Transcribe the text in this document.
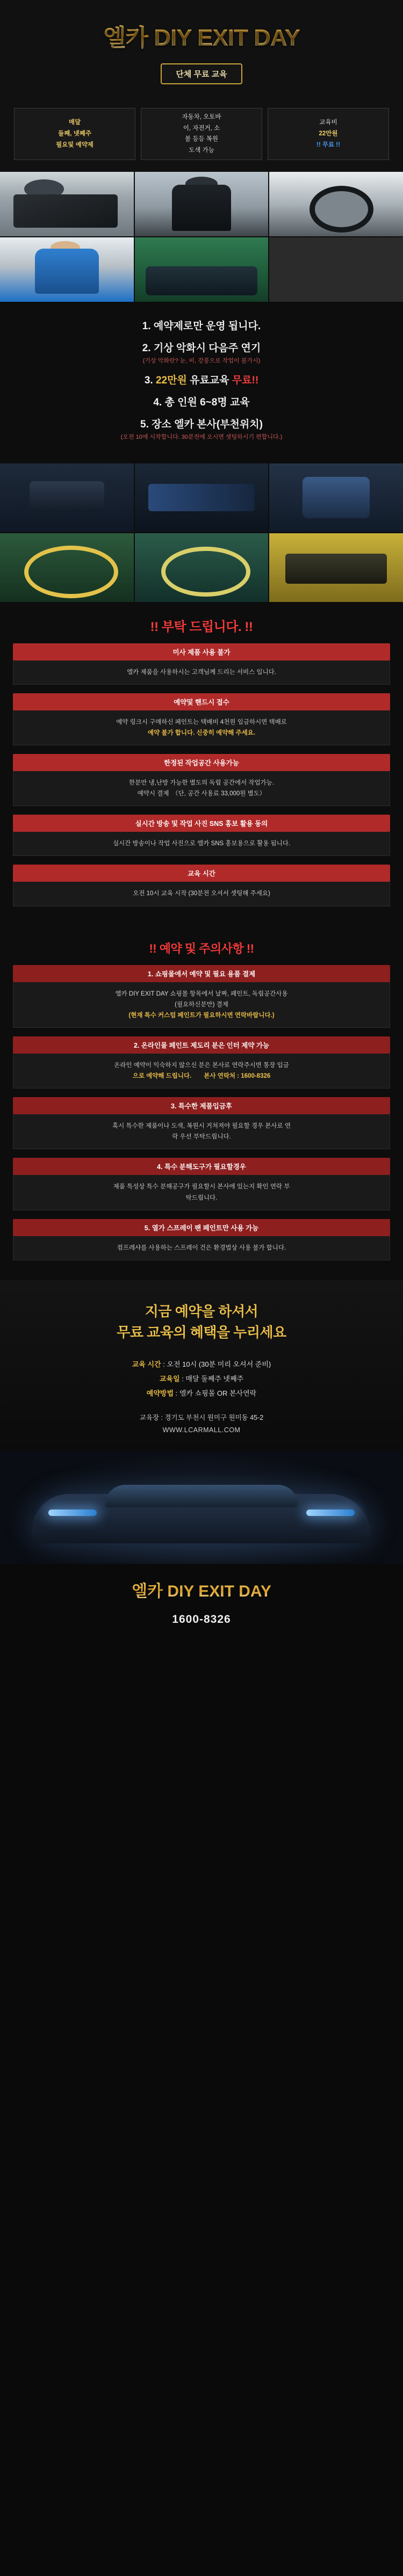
엘카 DIY EXIT DAY
단체 무료 교육
매달
둘째, 넷째주
필요및 예약제
자동차, 오토바
이, 자전거, 소
불 등등 복원
도색 가능
교육비
22만원
!! 무료 !!
1. 예약제로만 운영 됩니다.
2. 기상 악화시 다음주 연기
(기상 악화란? 눈, 비, 강풍으로 작업이 불가시)
3. 22만원 유료교육 무료!!
4. 총 인원 6~8명 교육
5. 장소 엘카 본사(부천위치)
(오전 10에 시작합니다. 30분전에 오시면 셋팅하시기 편합니다.)
!! 부탁 드립니다. !!
미사 제품 사용 불가
엘카 제품을 사용하시는 고객님께 드리는 서비스 입니다.
예약및 핸드시 접수
예약 링크시 구매하신 페인트는 택배비 4천원 입금하시면 택배로
예약 불가 합니다. 신중히 예약해 주세요.
한정된 작업공간 사용가능
한분만 냉,난방 가능한 별도의 독립 공간에서 작업가능.
예약시 결제　（단, 공간 사용료 33,000원 별도）
실시간 방송 및 작업 사진 SNS 홍보 활용 동의
실시간 방송이나 작업 사진으로 엘카 SNS 홍보용으로 활용 됩니다.
교육 시간
오전 10시 교육 시작 (30분전 오셔서 셋팅해 주세요)
!! 예약 및 주의사항 !!
1. 쇼핑몰에서 예약 및 필요 용품 결제
엘카 DIY EXIT DAY 쇼핑몰 항목에서 날짜, 페인트, 독립공간사용
(필요하신분만) 결제
(현재 특수 커스텀 페인트가 필요하시면 연락바랍니다.)
2. 온라인몰 페인트 제도리 분은 인터 제약 가능
온라인 예약이 익숙하지 않으신 분은 본사로 연락주시면 통장 입금
으로 예약해 드립니다.　　본사 연락처 : 1600-8326
3. 특수한 제품입금후
혹시 특수한 제품이나 도색, 복원시 거쳐져야 필요할 경우 본사로 연
락 우선 부탁드립니다.
4. 특수 분해도구가 필요할경우
제품 특성상 특수 분해공구가 필요할시 본사에 있는지 확인 연락 부
탁드립니다.
5. 열가 스프레이 팬 페인트만 사용 가능
컴프레샤를 사용하는 스프레이 건은 환경법상 사용 불가 합니다.
지금 예약을 하셔서
무료 교육의 혜택을 누리세요
교육 시간 : 오전 10시 (30분 미리 오셔서 준비)
교육일 : 매달 둘째주 넷째주
예약방법 : 엘카 쇼핑몰 OR 본사연락
교육장 : 경기도 부천시 원미구 원미동 45-2
WWW.LCARMALL.COM
엘카 DIY EXIT DAY
1600-8326
